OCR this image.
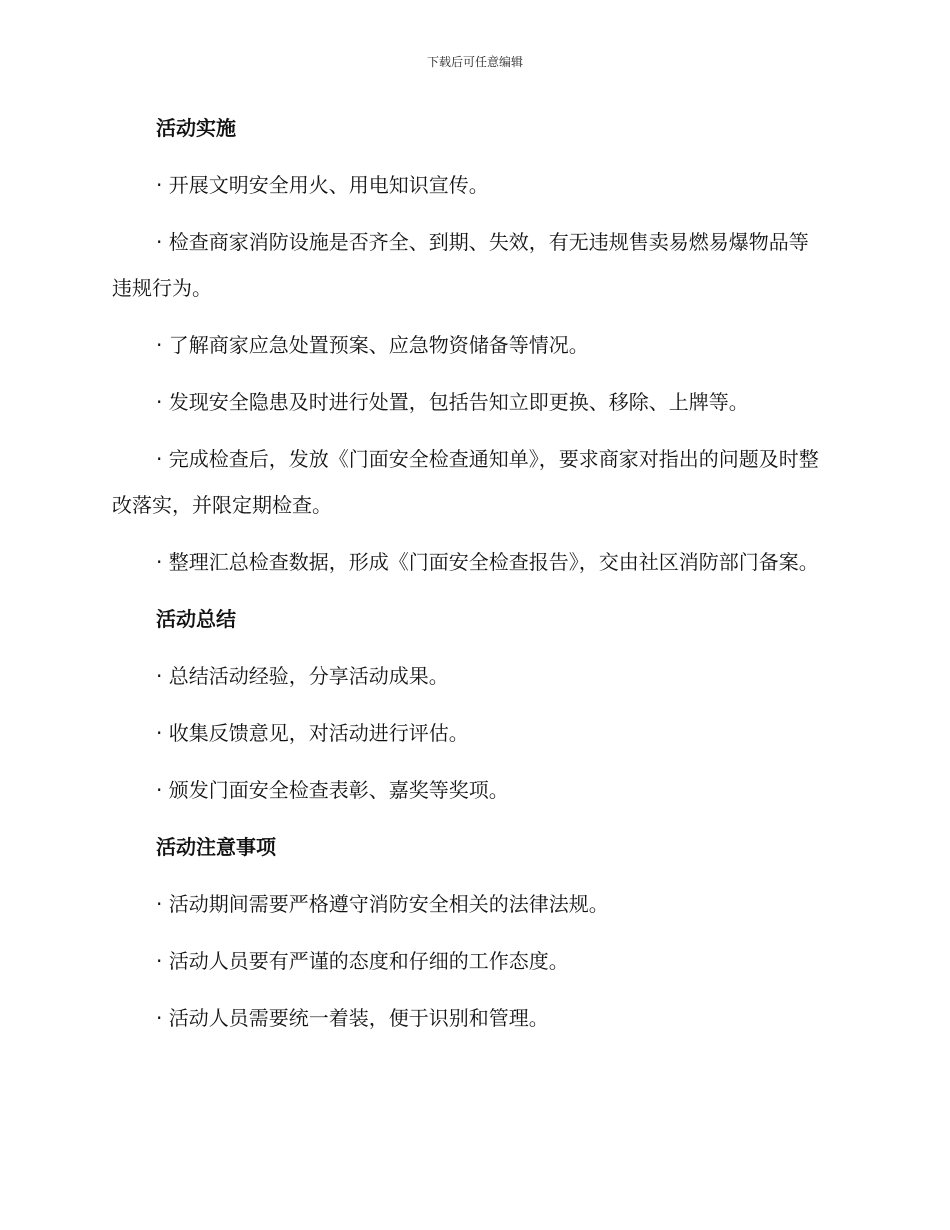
下载后可任意编辑
活动实施

· 开展文明安全用火、用电知识宣传。

· 检查商家消防设施是否齐全、到期、失效，有无违规售卖易燃易爆物品等违规行为。

· 了解商家应急处置预案、应急物资储备等情况。

· 发现安全隐患及时进行处置，包括告知立即更换、移除、上牌等。

· 完成检查后，发放《门面安全检查通知单》，要求商家对指出的问题及时整改落实，并限定期检查。

· 整理汇总检查数据，形成《门面安全检查报告》，交由社区消防部门备案。

活动总结

· 总结活动经验，分享活动成果。

· 收集反馈意见，对活动进行评估。

· 颁发门面安全检查表彰、嘉奖等奖项。

活动注意事项

· 活动期间需要严格遵守消防安全相关的法律法规。

· 活动人员要有严谨的态度和仔细的工作态度。

· 活动人员需要统一着装，便于识别和管理。
